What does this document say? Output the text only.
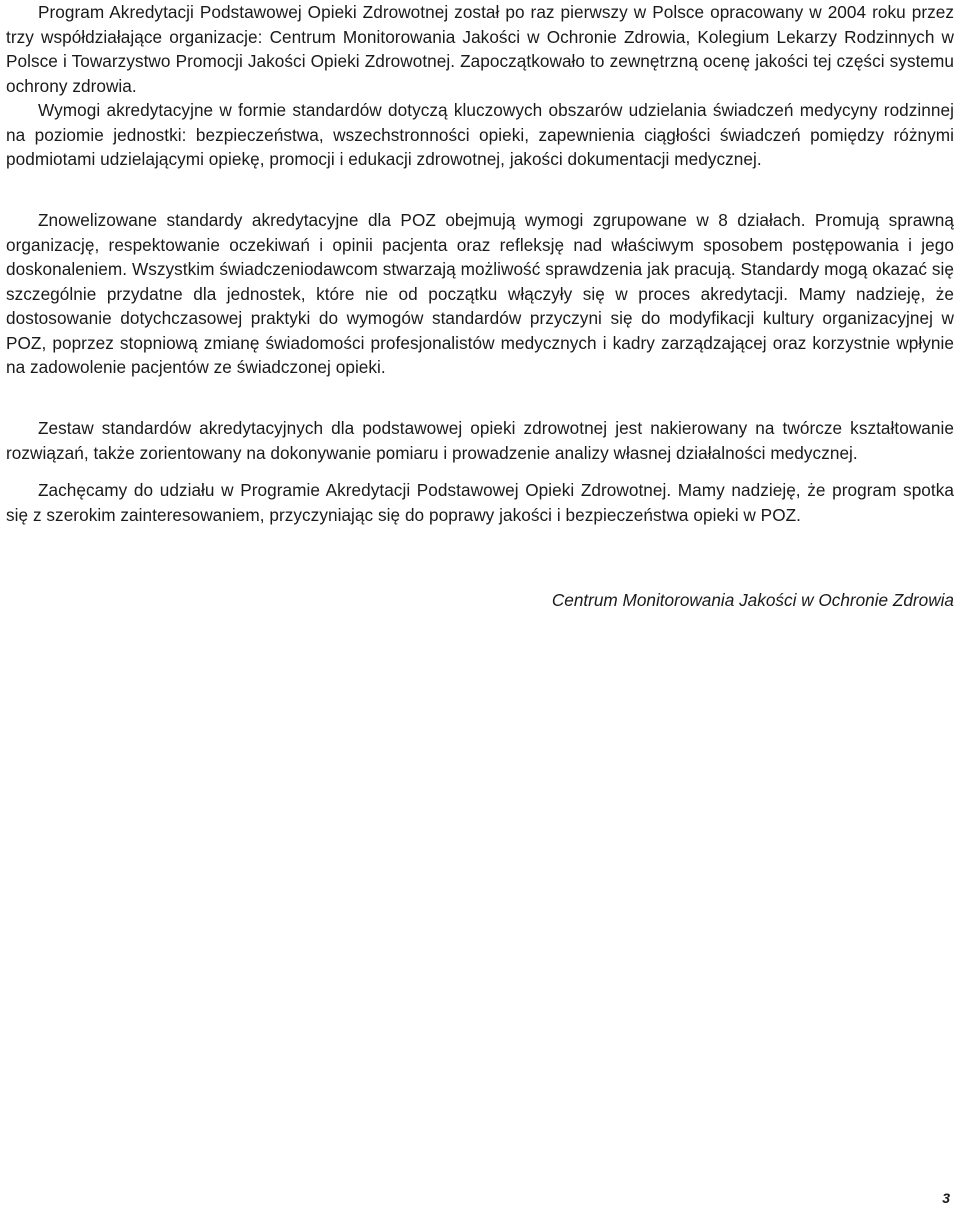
Program Akredytacji Podstawowej Opieki Zdrowotnej został po raz pierwszy w Polsce opracowany w 2004 roku przez trzy współdziałające organizacje: Centrum Monitorowania Jakości w Ochronie Zdrowia, Kolegium Lekarzy Rodzinnych w Polsce i Towarzystwo Promocji Jakości Opieki Zdrowotnej. Zapoczątkowało to zewnętrzną ocenę jakości tej części systemu ochrony zdrowia.

Wymogi akredytacyjne w formie standardów dotyczą kluczowych obszarów udzielania świadczeń medycyny rodzinnej na poziomie jednostki: bezpieczeństwa, wszechstronności opieki, zapewnienia ciągłości świadczeń pomiędzy różnymi podmiotami udzielającymi opiekę, promocji i edukacji zdrowotnej, jakości dokumentacji medycznej.

Znowelizowane standardy akredytacyjne dla POZ obejmują wymogi zgrupowane w 8 działach. Promują sprawną organizację, respektowanie oczekiwań i opinii pacjenta oraz refleksję nad właściwym sposobem postępowania i jego doskonaleniem. Wszystkim świadczeniodawcom stwarzają możliwość sprawdzenia jak pracują. Standardy mogą okazać się szczególnie przydatne dla jednostek, które nie od początku włączyły się w proces akredytacji. Mamy nadzieję, że dostosowanie dotychczasowej praktyki do wymogów standardów przyczyni się do modyfikacji kultury organizacyjnej w POZ, poprzez stopniową zmianę świadomości profesjonalistów medycznych i kadry zarządzającej oraz korzystnie wpłynie na zadowolenie pacjentów ze świadczonej opieki.

Zestaw standardów akredytacyjnych dla podstawowej opieki zdrowotnej jest nakierowany na twórcze kształtowanie rozwiązań, także zorientowany na dokonywanie pomiaru i prowadzenie analizy własnej działalności medycznej.

Zachęcamy do udziału w Programie Akredytacji Podstawowej Opieki Zdrowotnej. Mamy nadzieję, że program spotka się z szerokim zainteresowaniem, przyczyniając się do poprawy jakości i bezpieczeństwa opieki w POZ.

Centrum Monitorowania Jakości w Ochronie Zdrowia

3
